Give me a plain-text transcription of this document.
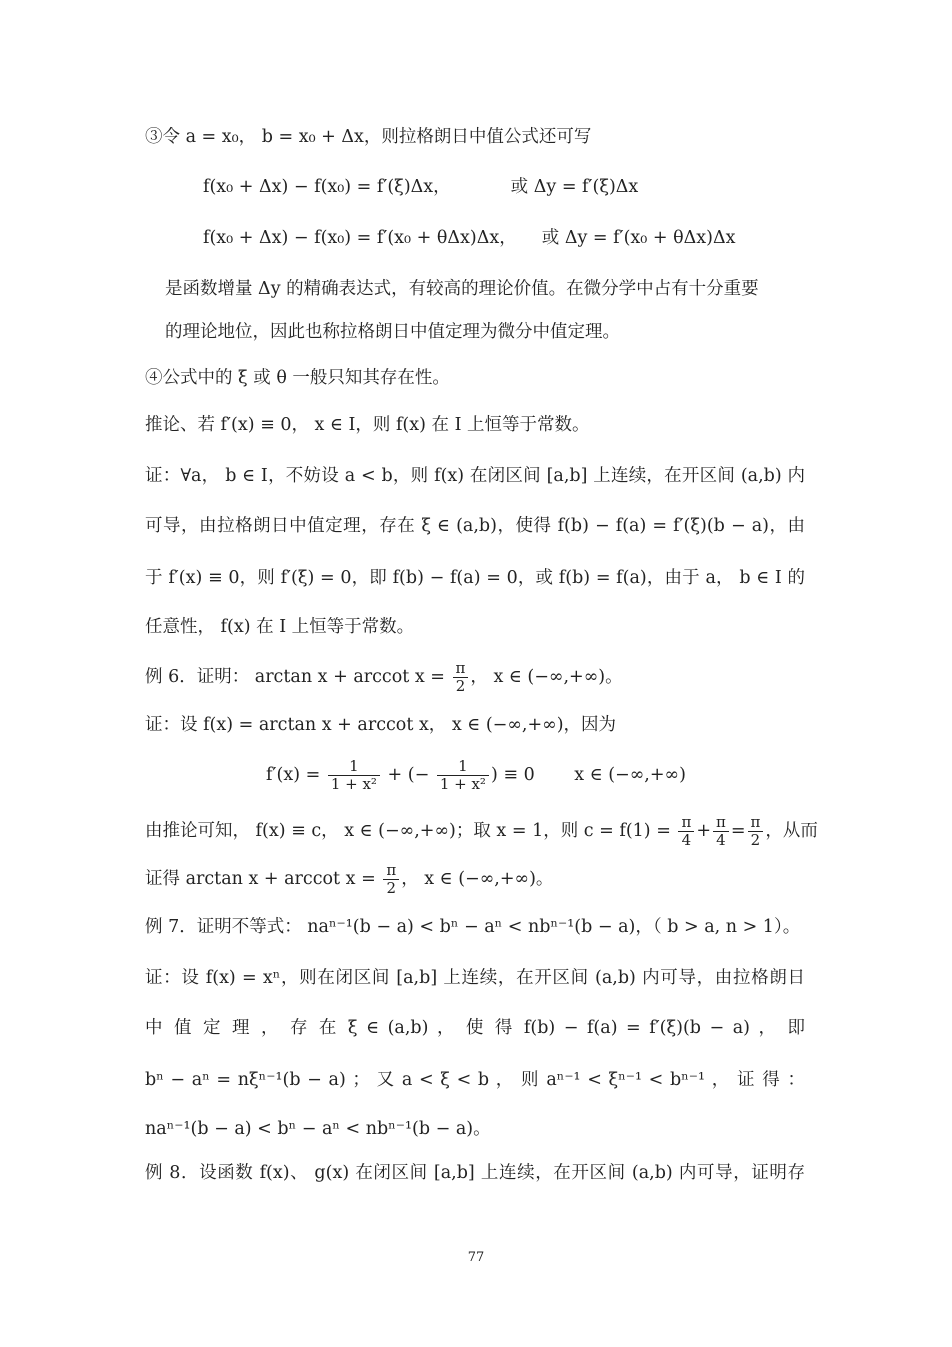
③令 a = x₀， b = x₀ + Δx，则拉格朗日中值公式还可写
f(x₀ + Δx) − f(x₀) = f′(ξ)Δx，	或 Δy = f′(ξ)Δx
f(x₀ + Δx) − f(x₀) = f′(x₀ + θΔx)Δx， 或 Δy = f′(x₀ + θΔx)Δx
是函数增量 Δy 的精确表达式，有较高的理论价值。在微分学中占有十分重要
的理论地位，因此也称拉格朗日中值定理为微分中值定理。
④公式中的 ξ 或 θ 一般只知其存在性。
推论、若 f′(x) ≡ 0， x ∈ I，则 f(x) 在 I 上恒等于常数。
证：∀a， b ∈ I，不妨设 a < b，则 f(x) 在闭区间 [a,b] 上连续，在开区间 (a,b) 内
可导，由拉格朗日中值定理，存在 ξ ∈ (a,b)，使得 f(b) − f(a) = f′(ξ)(b − a)，由
于 f′(x) ≡ 0，则 f′(ξ) = 0，即 f(b) − f(a) = 0，或 f(b) = f(a)，由于 a， b ∈ I 的
任意性， f(x) 在 I 上恒等于常数。
例 6．证明： arctan x + arccot $x = \frac{\pi}{2}$ ， x ∈ (−∞,+∞)。
证：设 f(x) = arctan x + arccot x， x ∈ (−∞,+∞)，因为
$f'(x) = \frac{1}{\text{1 + x²}}$ + (− $\frac{1}{\text{1 + x²}}$ ) ≡ 0 x ∈ (−∞,+∞)
由推论可知， f(x) ≡ c， x ∈ (−∞,+∞)；取 x = 1，则 $c = f(1) = \frac{\pi}{4} + \frac{\pi}{4} = \frac{\pi}{2}$ ，从而
证得 arctan x + arccot $x = \frac{\pi}{2}$ ， x ∈ (−∞,+∞)。
例 7．证明不等式： naⁿ⁻¹(b − a) < bⁿ − aⁿ < nbⁿ⁻¹(b − a)，（ b > a, n > 1）。
证：设 f(x) = xⁿ，则在闭区间 [a,b] 上连续，在开区间 (a,b) 内可导，由拉格朗日
中 值 定 理 ， 存 在 ξ ∈ (a,b) ， 使 得 f(b) − f(a) = f′(ξ)(b − a) ， 即
bⁿ − aⁿ = nξⁿ⁻¹(b − a) ； 又 a < ξ < b ， 则 aⁿ⁻¹ < ξⁿ⁻¹ < bⁿ⁻¹ ， 证 得 ：
naⁿ⁻¹(b − a) < bⁿ − aⁿ < nbⁿ⁻¹(b − a)。
例 8．设函数 f(x)、 g(x) 在闭区间 [a,b] 上连续，在开区间 (a,b) 内可导，证明存
77
